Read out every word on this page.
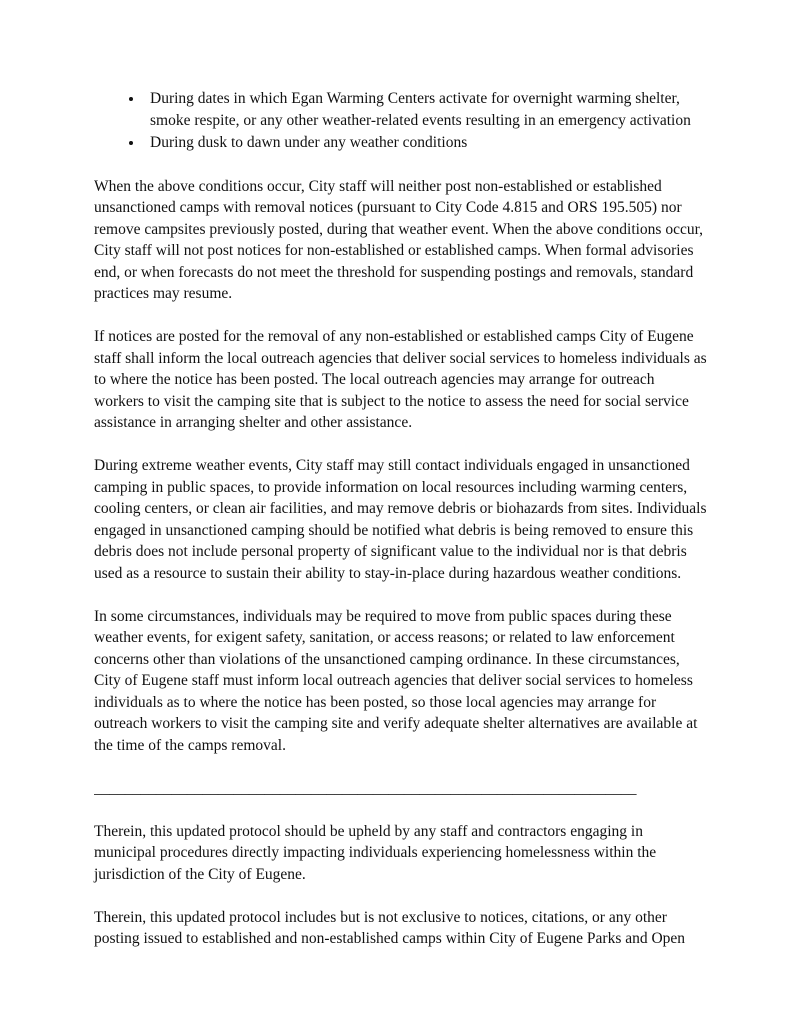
• During dates in which Egan Warming Centers activate for overnight warming shelter, smoke respite, or any other weather-related events resulting in an emergency activation
• During dusk to dawn under any weather conditions

When the above conditions occur, City staff will neither post non-established or established unsanctioned camps with removal notices (pursuant to City Code 4.815 and ORS 195.505) nor remove campsites previously posted, during that weather event. When the above conditions occur, City staff will not post notices for non-established or established camps. When formal advisories end, or when forecasts do not meet the threshold for suspending postings and removals, standard practices may resume.

If notices are posted for the removal of any non-established or established camps City of Eugene staff shall inform the local outreach agencies that deliver social services to homeless individuals as to where the notice has been posted. The local outreach agencies may arrange for outreach workers to visit the camping site that is subject to the notice to assess the need for social service assistance in arranging shelter and other assistance.

During extreme weather events, City staff may still contact individuals engaged in unsanctioned camping in public spaces, to provide information on local resources including warming centers, cooling centers, or clean air facilities, and may remove debris or biohazards from sites. Individuals engaged in unsanctioned camping should be notified what debris is being removed to ensure this debris does not include personal property of significant value to the individual nor is that debris used as a resource to sustain their ability to stay-in-place during hazardous weather conditions.

In some circumstances, individuals may be required to move from public spaces during these weather events, for exigent safety, sanitation, or access reasons; or related to law enforcement concerns other than violations of the unsanctioned camping ordinance. In these circumstances, City of Eugene staff must inform local outreach agencies that deliver social services to homeless individuals as to where the notice has been posted, so those local agencies may arrange for outreach workers to visit the camping site and verify adequate shelter alternatives are available at the time of the camps removal.

______________________________________________________________________

Therein, this updated protocol should be upheld by any staff and contractors engaging in municipal procedures directly impacting individuals experiencing homelessness within the jurisdiction of the City of Eugene.

Therein, this updated protocol includes but is not exclusive to notices, citations, or any other posting issued to established and non-established camps within City of Eugene Parks and Open
